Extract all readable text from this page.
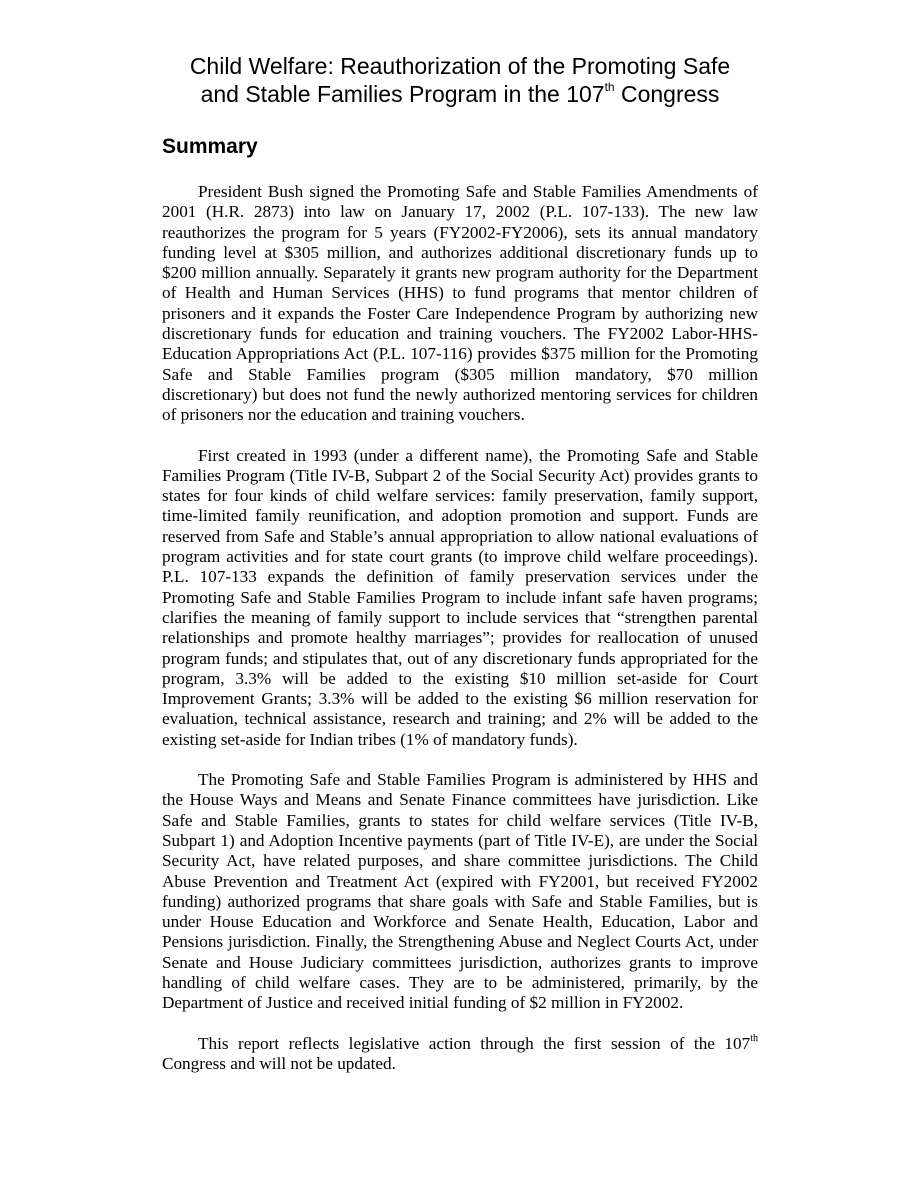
Child Welfare: Reauthorization of the Promoting Safe
and Stable Families Program in the 107th Congress
Summary

President Bush signed the Promoting Safe and Stable Families Amendments of 2001 (H.R. 2873) into law on January 17, 2002 (P.L. 107-133). The new law reauthorizes the program for 5 years (FY2002-FY2006), sets its annual mandatory funding level at $305 million, and authorizes additional discretionary funds up to $200 million annually. Separately it grants new program authority for the Department of Health and Human Services (HHS) to fund programs that mentor children of prisoners and it expands the Foster Care Independence Program by authorizing new discretionary funds for education and training vouchers. The FY2002 Labor-HHS-Education Appropriations Act (P.L. 107-116) provides $375 million for the Promoting Safe and Stable Families program ($305 million mandatory, $70 million discretionary) but does not fund the newly authorized mentoring services for children of prisoners nor the education and training vouchers.

First created in 1993 (under a different name), the Promoting Safe and Stable Families Program (Title IV-B, Subpart 2 of the Social Security Act) provides grants to states for four kinds of child welfare services: family preservation, family support, time-limited family reunification, and adoption promotion and support. Funds are reserved from Safe and Stable’s annual appropriation to allow national evaluations of program activities and for state court grants (to improve child welfare proceedings). P.L. 107-133 expands the definition of family preservation services under the Promoting Safe and Stable Families Program to include infant safe haven programs; clarifies the meaning of family support to include services that “strengthen parental relationships and promote healthy marriages”; provides for reallocation of unused program funds; and stipulates that, out of any discretionary funds appropriated for the program, 3.3% will be added to the existing $10 million set-aside for Court Improvement Grants; 3.3% will be added to the existing $6 million reservation for evaluation, technical assistance, research and training; and 2% will be added to the existing set-aside for Indian tribes (1% of mandatory funds).

The Promoting Safe and Stable Families Program is administered by HHS and the House Ways and Means and Senate Finance committees have jurisdiction. Like Safe and Stable Families, grants to states for child welfare services (Title IV-B, Subpart 1) and Adoption Incentive payments (part of Title IV-E), are under the Social Security Act, have related purposes, and share committee jurisdictions. The Child Abuse Prevention and Treatment Act (expired with FY2001, but received FY2002 funding) authorized programs that share goals with Safe and Stable Families, but is under House Education and Workforce and Senate Health, Education, Labor and Pensions jurisdiction. Finally, the Strengthening Abuse and Neglect Courts Act, under Senate and House Judiciary committees jurisdiction, authorizes grants to improve handling of child welfare cases. They are to be administered, primarily, by the Department of Justice and received initial funding of $2 million in FY2002.

This report reflects legislative action through the first session of the 107th Congress and will not be updated.
